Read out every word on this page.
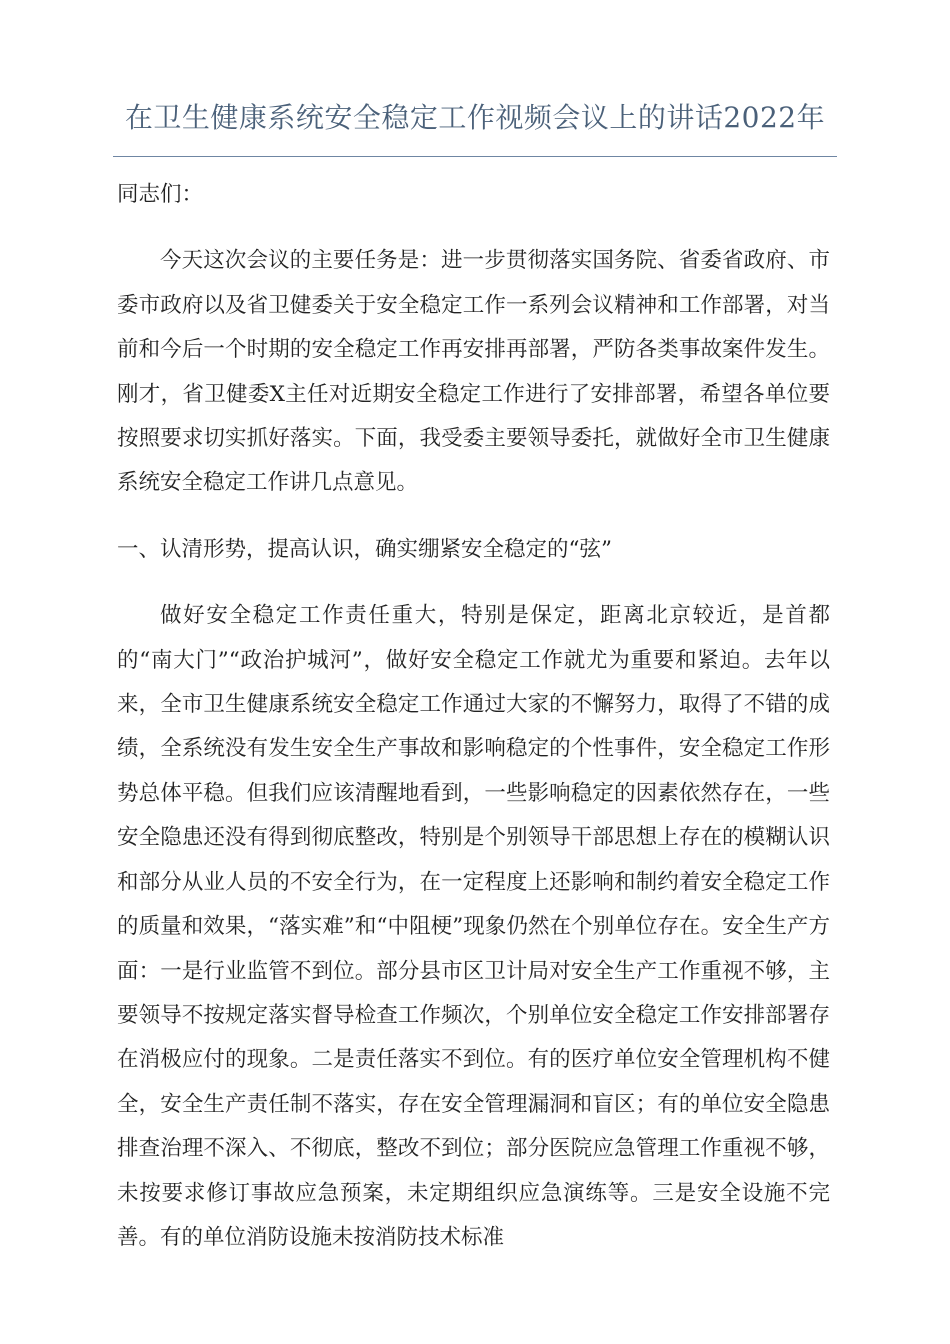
在卫生健康系统安全稳定工作视频会议上的讲话2022年

同志们：

今天这次会议的主要任务是：进一步贯彻落实国务院、省委省政府、市委市政府以及省卫健委关于安全稳定工作一系列会议精神和工作部署，对当前和今后一个时期的安全稳定工作再安排再部署，严防各类事故案件发生。刚才，省卫健委X主任对近期安全稳定工作进行了安排部署，希望各单位要按照要求切实抓好落实。下面，我受委主要领导委托，就做好全市卫生健康系统安全稳定工作讲几点意见。

一、认清形势，提高认识，确实绷紧安全稳定的“弦”

做好安全稳定工作责任重大，特别是保定，距离北京较近，是首都的“南大门”“政治护城河”，做好安全稳定工作就尤为重要和紧迫。去年以来，全市卫生健康系统安全稳定工作通过大家的不懈努力，取得了不错的成绩，全系统没有发生安全生产事故和影响稳定的个性事件，安全稳定工作形势总体平稳。但我们应该清醒地看到，一些影响稳定的因素依然存在，一些安全隐患还没有得到彻底整改，特别是个别领导干部思想上存在的模糊认识和部分从业人员的不安全行为，在一定程度上还影响和制约着安全稳定工作的质量和效果，“落实难”和“中阻梗”现象仍然在个别单位存在。安全生产方面：一是行业监管不到位。部分县市区卫计局对安全生产工作重视不够，主要领导不按规定落实督导检查工作频次，个别单位安全稳定工作安排部署存在消极应付的现象。二是责任落实不到位。有的医疗单位安全管理机构不健全，安全生产责任制不落实，存在安全管理漏洞和盲区；有的单位安全隐患排查治理不深入、不彻底，整改不到位；部分医院应急管理工作重视不够，未按要求修订事故应急预案，未定期组织应急演练等。三是安全设施不完善。有的单位消防设施未按消防技术标准
